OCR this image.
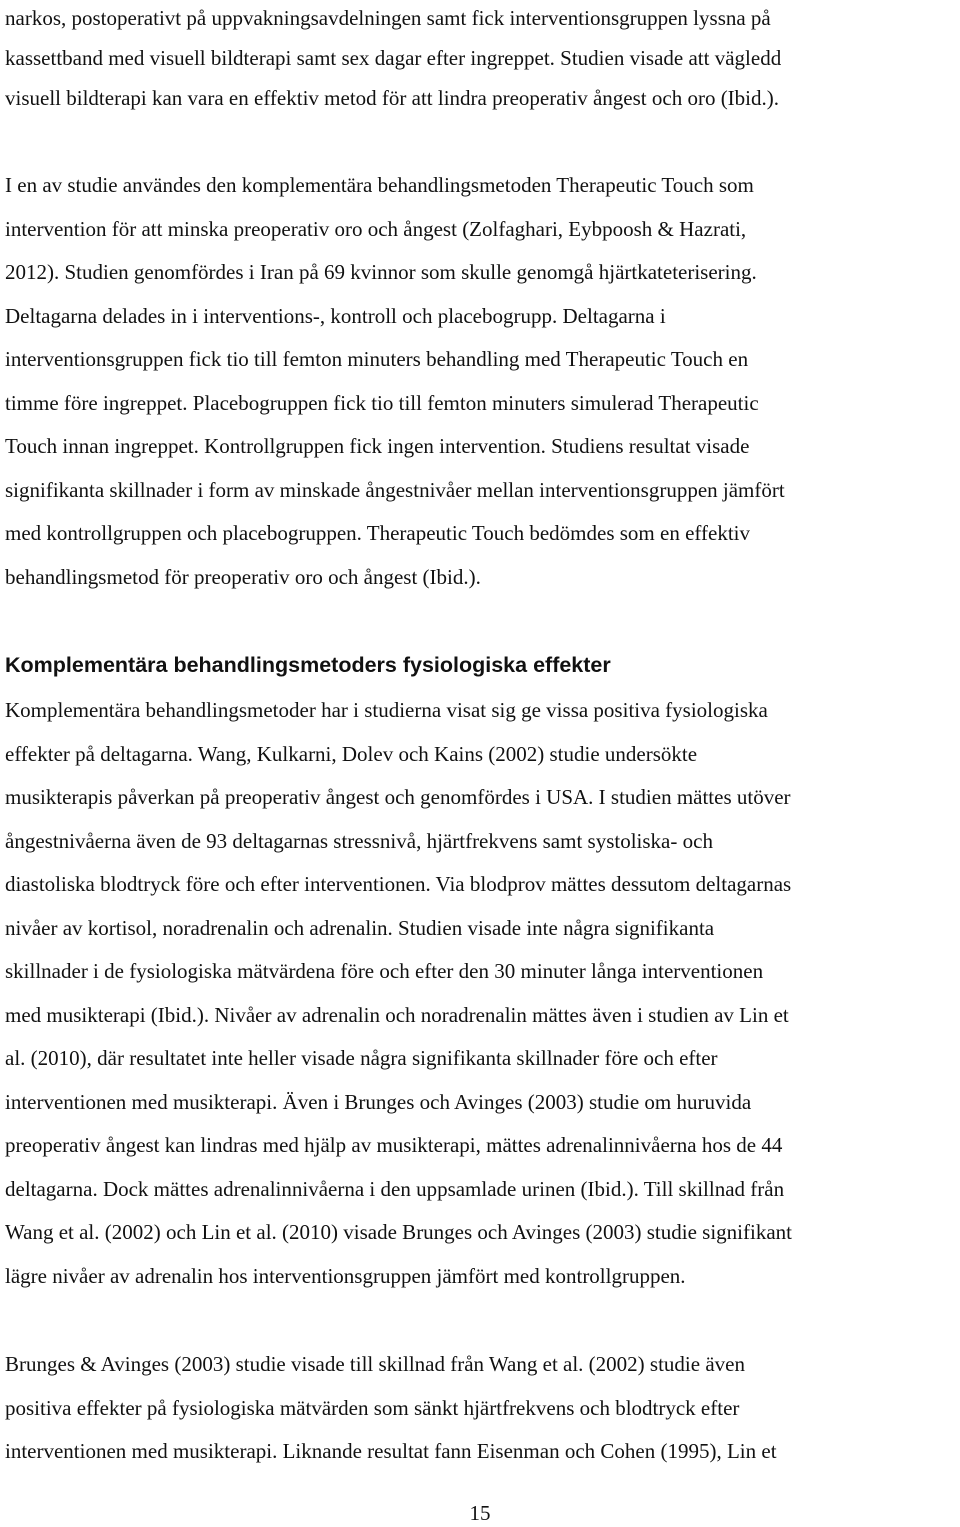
narkos, postoperativt på uppvakningsavdelningen samt fick interventionsgruppen lyssna på
kassettband med visuell bildterapi samt sex dagar efter ingreppet. Studien visade att vägledd
visuell bildterapi kan vara en effektiv metod för att lindra preoperativ ångest och oro (Ibid.).
I en av studie användes den komplementära behandlingsmetoden Therapeutic Touch som
intervention för att minska preoperativ oro och ångest (Zolfaghari, Eybpoosh & Hazrati,
2012). Studien genomfördes i Iran på 69 kvinnor som skulle genomgå hjärtkateterisering.
Deltagarna delades in i interventions-, kontroll och placebogrupp. Deltagarna i
interventionsgruppen fick tio till femton minuters behandling med Therapeutic Touch en
timme före ingreppet. Placebogruppen fick tio till femton minuters simulerad Therapeutic
Touch innan ingreppet. Kontrollgruppen fick ingen intervention. Studiens resultat visade
signifikanta skillnader i form av minskade ångestnivåer mellan interventionsgruppen jämfört
med kontrollgruppen och placebogruppen. Therapeutic Touch bedömdes som en effektiv
behandlingsmetod för preoperativ oro och ångest (Ibid.).
Komplementära behandlingsmetoders fysiologiska effekter
Komplementära behandlingsmetoder har i studierna visat sig ge vissa positiva fysiologiska
effekter på deltagarna. Wang, Kulkarni, Dolev och Kains (2002) studie undersökte
musikterapis påverkan på preoperativ ångest och genomfördes i USA. I studien mättes utöver
ångestnivåerna även de 93 deltagarnas stressnivå, hjärtfrekvens samt systoliska- och
diastoliska blodtryck före och efter interventionen. Via blodprov mättes dessutom deltagarnas
nivåer av kortisol, noradrenalin och adrenalin. Studien visade inte några signifikanta
skillnader i de fysiologiska mätvärdena före och efter den 30 minuter långa interventionen
med musikterapi (Ibid.). Nivåer av adrenalin och noradrenalin mättes även i studien av Lin et
al. (2010), där resultatet inte heller visade några signifikanta skillnader före och efter
interventionen med musikterapi. Även i Brunges och Avinges (2003) studie om huruvida
preoperativ ångest kan lindras med hjälp av musikterapi, mättes adrenalinnivåerna hos de 44
deltagarna. Dock mättes adrenalinnivåerna i den uppsamlade urinen (Ibid.). Till skillnad från
Wang et al. (2002) och Lin et al. (2010) visade Brunges och Avinges (2003) studie signifikant
lägre nivåer av adrenalin hos interventionsgruppen jämfört med kontrollgruppen.
Brunges & Avinges (2003) studie visade till skillnad från Wang et al. (2002) studie även
positiva effekter på fysiologiska mätvärden som sänkt hjärtfrekvens och blodtryck efter
interventionen med musikterapi. Liknande resultat fann Eisenman och Cohen (1995), Lin et
15
